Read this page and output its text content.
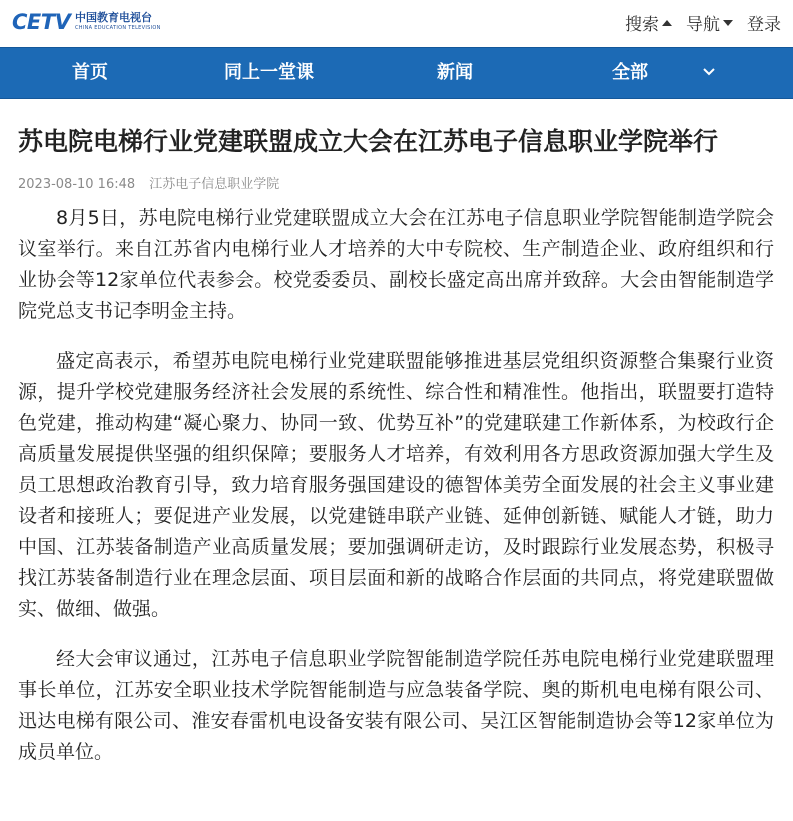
CETV 中国教育电视台
CHINA EDUCATION TELEVISION	搜索 导航 登录
首页	同上一堂课	新闻	全部
苏电院电梯行业党建联盟成立大会在江苏电子信息职业学院举行
2023-08-10 16:48 江苏电子信息职业学院

8月5日，苏电院电梯行业党建联盟成立大会在江苏电子信息职业学院智能制造学院会议室举行。来自江苏省内电梯行业人才培养的大中专院校、生产制造企业、政府组织和行业协会等12家单位代表参会。校党委委员、副校长盛定高出席并致辞。大会由智能制造学院党总支书记李明金主持。

盛定高表示，希望苏电院电梯行业党建联盟能够推进基层党组织资源整合集聚行业资源，提升学校党建服务经济社会发展的系统性、综合性和精准性。他指出，联盟要打造特色党建，推动构建“凝心聚力、协同一致、优势互补”的党建联建工作新体系，为校政行企高质量发展提供坚强的组织保障；要服务人才培养，有效利用各方思政资源加强大学生及员工思想政治教育引导，致力培育服务强国建设的德智体美劳全面发展的社会主义事业建设者和接班人；要促进产业发展，以党建链串联产业链、延伸创新链、赋能人才链，助力中国、江苏装备制造产业高质量发展；要加强调研走访，及时跟踪行业发展态势，积极寻找江苏装备制造行业在理念层面、项目层面和新的战略合作层面的共同点，将党建联盟做实、做细、做强。

经大会审议通过，江苏电子信息职业学院智能制造学院任苏电院电梯行业党建联盟理事长单位，江苏安全职业技术学院智能制造与应急装备学院、奥的斯机电电梯有限公司、迅达电梯有限公司、淮安春雷机电设备安装有限公司、吴江区智能制造协会等12家单位为成员单位。
